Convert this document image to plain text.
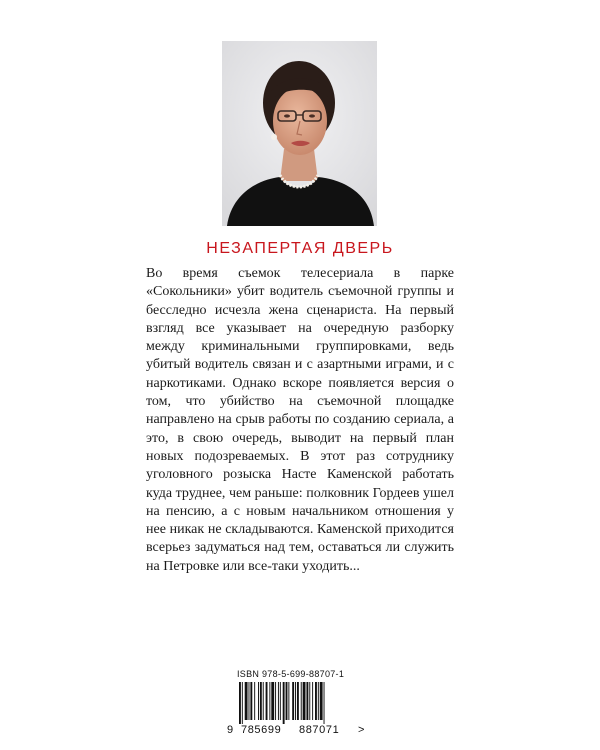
НЕЗАПЕРТАЯ ДВЕРЬ

Во время съемок телесериала в парке «Сокольники» убит водитель съемочной группы и бесследно исчезла жена сценариста. На первый взгляд все указывает на очередную разборку между криминальными группировками, ведь убитый водитель связан и с азартными играми, и с наркотиками. Однако вскоре появляется версия о том, что убийство на съемочной площадке направлено на срыв работы по созданию сериала, а это, в свою очередь, выводит на первый план новых подозреваемых. В этот раз сотруднику уголовного розыска Насте Каменской работать куда труднее, чем раньше: полковник Гордеев ушел на пенсию, а с новым начальником отношения у нее никак не складываются. Каменской приходится всерьез задуматься над тем, оставаться ли служить на Петровке или все-таки уходить...

ISBN 978-5-699-88707-1
9 785699 887071 >
